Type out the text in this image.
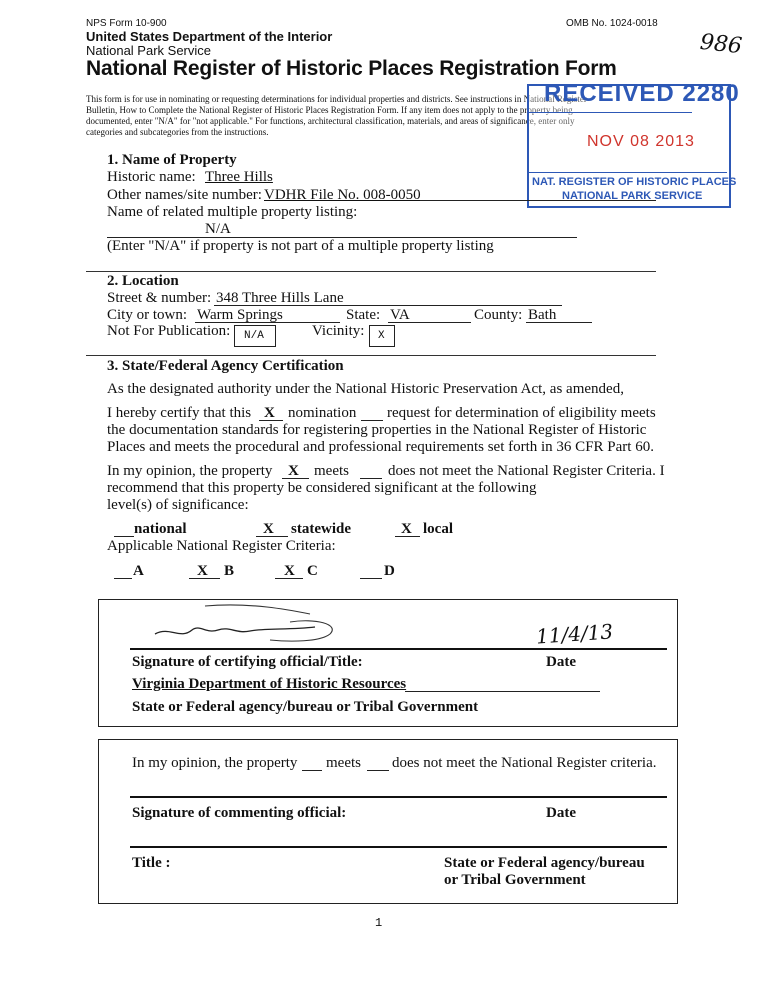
NPS Form 10-900
United States Department of the Interior
National Park Service
OMB No. 1024-0018
986
National Register of Historic Places Registration Form
This form is for use in nominating or requesting determinations for individual properties and districts. See instructions in National Register
Bulletin, How to Complete the National Register of Historic Places Registration Form. If any item does not apply to the property being
documented, enter "N/A" for "not applicable." For functions, architectural classification, materials, and areas of significance, enter only
categories and subcategories from the instructions.
RECEIVED 2280
NOV 08 2013
NAT. REGISTER OF HISTORIC PLACES
NATIONAL PARK SERVICE
1. Name of Property
Historic name: Three Hills
Other names/site number: VDHR File No. 008-0050
Name of related multiple property listing:
N/A
(Enter "N/A" if property is not part of a multiple property listing
2. Location
Street & number: 348 Three Hills Lane
City or town: Warm Springs	State: VA	County: Bath
Not For Publication: N/A	Vicinity: X
3. State/Federal Agency Certification
As the designated authority under the National Historic Preservation Act, as amended,
I hereby certify that this X nomination request for determination of eligibility meets
the documentation standards for registering properties in the National Register of Historic
Places and meets the procedural and professional requirements set forth in 36 CFR Part 60.
In my opinion, the property X meets	does not meet the National Register Criteria. I
recommend that this property be considered significant at the following
level(s) of significance:
national	X statewide	X local
Applicable National Register Criteria:
A	X B	X C	D
11/4/13
Signature of certifying official/Title:	Date
Virginia Department of Historic Resources
State or Federal agency/bureau or Tribal Government
In my opinion, the property meets does not meet the National Register criteria.
Signature of commenting official:	Date
Title :	State or Federal agency/bureau
or Tribal Government
1
